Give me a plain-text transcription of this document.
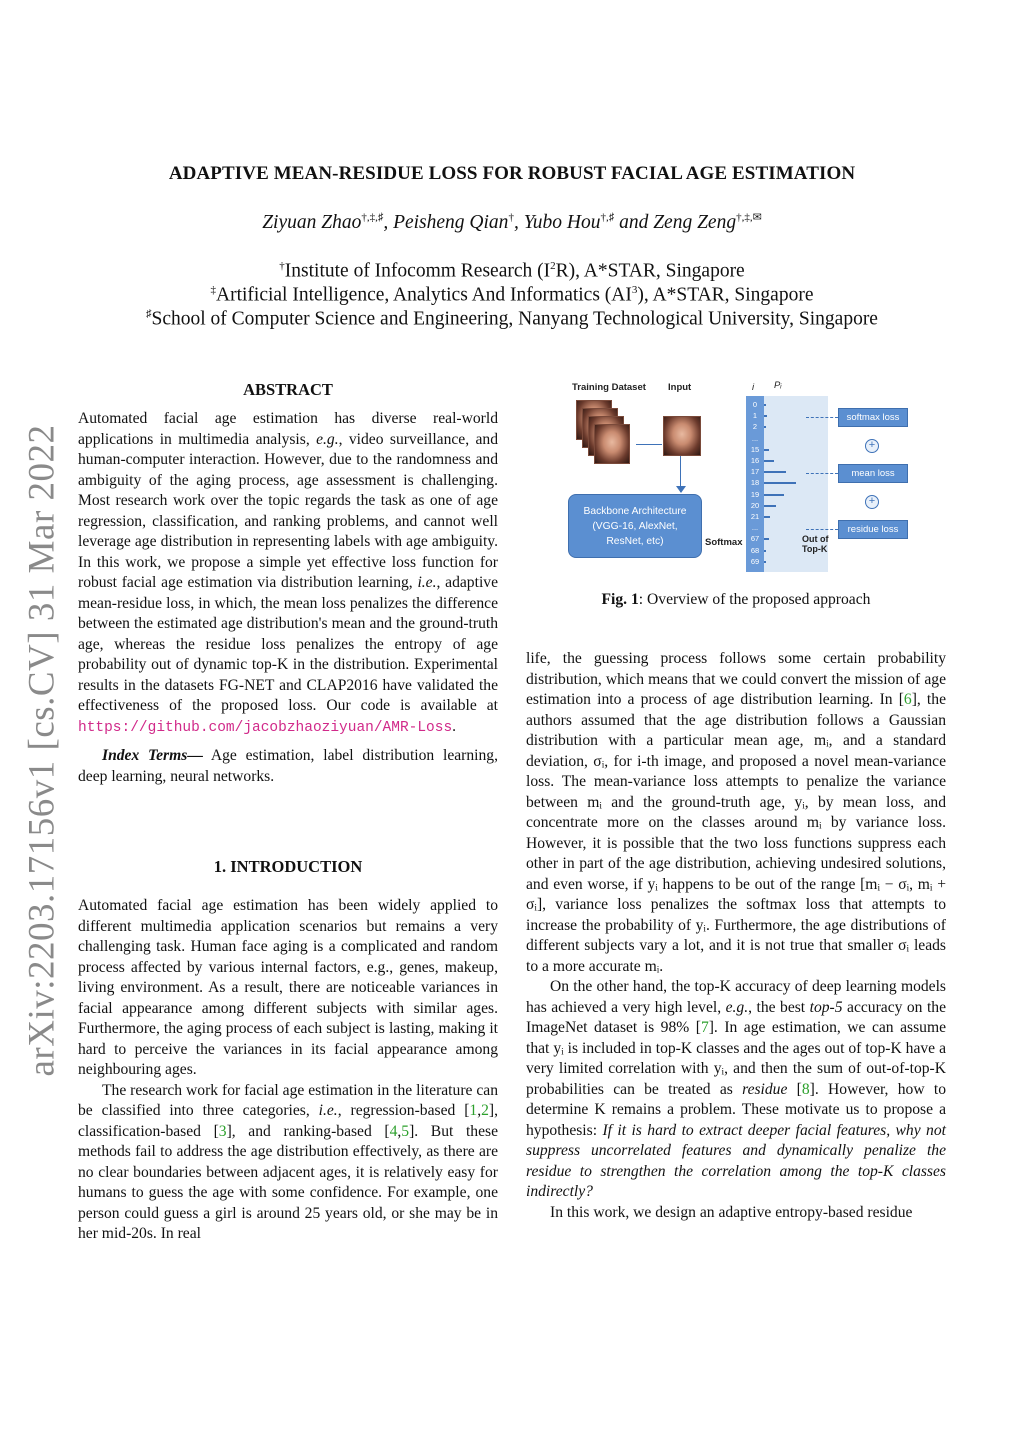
arXiv:2203.17156v1 [cs.CV] 31 Mar 2022
ADAPTIVE MEAN-RESIDUE LOSS FOR ROBUST FACIAL AGE ESTIMATION
Ziyuan Zhao†,‡,♯, Peisheng Qian†, Yubo Hou†,♯ and Zeng Zeng†,‡,✉
†Institute of Infocomm Research $(I^2R)$, A*STAR, Singapore
‡Artificial Intelligence, Analytics And Informatics $(AI^3)$, A*STAR, Singapore
♯School of Computer Science and Engineering, Nanyang Technological University, Singapore
ABSTRACT

Automated facial age estimation has diverse real-world applications in multimedia analysis, e.g., video surveillance, and human-computer interaction. However, due to the randomness and ambiguity of the aging process, age assessment is challenging. Most research work over the topic regards the task as one of age regression, classification, and ranking problems, and cannot well leverage age distribution in representing labels with age ambiguity. In this work, we propose a simple yet effective loss function for robust facial age estimation via distribution learning, i.e., adaptive mean-residue loss, in which, the mean loss penalizes the difference between the estimated age distribution's mean and the ground-truth age, whereas the residue loss penalizes the entropy of age probability out of dynamic top-K in the distribution. Experimental results in the datasets FG-NET and CLAP2016 have validated the effectiveness of the proposed loss. Our code is available at https://github.com/jacobzhaoziyuan/AMR-Loss.

Index Terms— Age estimation, label distribution learning, deep learning, neural networks.

1. INTRODUCTION

Automated facial age estimation has been widely applied to different multimedia application scenarios but remains a very challenging task. Human face aging is a complicated and random process affected by various internal factors, e.g., genes, makeup, living environment. As a result, there are noticeable variances in facial appearance among different subjects with similar ages. Furthermore, the aging process of each subject is lasting, making it hard to perceive the variances in its facial appearance among neighbouring ages.

The research work for facial age estimation in the literature can be classified into three categories, i.e., regression-based [1,2], classification-based [3], and ranking-based [4,5]. But these methods fail to address the age distribution effectively, as there are no clear boundaries between adjacent ages, it is relatively easy for humans to guess the age with some confidence. For example, one person could guess a girl is around 25 years old, or she may be in her mid-20s. In real

Training Dataset Input
Backbone Architecture
(VGG-16, AlexNet,
ResNet, etc)	Softmax
i Pᵢ
0
1
2
...
15
16
17
18
19
20
21
...
67
68
69
Out of
Top-K
softmax loss
+
mean loss
+
residue loss
Fig. 1: Overview of the proposed approach

life, the guessing process follows some certain probability distribution, which means that we could convert the mission of age estimation into a process of age distribution learning. In [6], the authors assumed that the age distribution follows a Gaussian distribution with a particular mean age, mᵢ, and a standard deviation, σᵢ, for i-th image, and proposed a novel mean-variance loss. The mean-variance loss attempts to penalize the variance between mᵢ and the ground-truth age, yᵢ, by mean loss, and concentrate more on the classes around mᵢ by variance loss. However, it is possible that the two loss functions suppress each other in part of the age distribution, achieving undesired solutions, and even worse, if yᵢ happens to be out of the range [mᵢ − σᵢ, mᵢ + σᵢ], variance loss penalizes the softmax loss that attempts to increase the probability of yᵢ. Furthermore, the age distributions of different subjects vary a lot, and it is not true that smaller σᵢ leads to a more accurate mᵢ.

On the other hand, the top-K accuracy of deep learning models has achieved a very high level, e.g., the best top-5 accuracy on the ImageNet dataset is 98% [7]. In age estimation, we can assume that yᵢ is included in top-K classes and the ages out of top-K have a very limited correlation with yᵢ, and then the sum of out-of-top-K probabilities can be treated as residue [8]. However, how to determine K remains a problem. These motivate us to propose a hypothesis: If it is hard to extract deeper facial features, why not suppress uncorrelated features and dynamically penalize the residue to strengthen the correlation among the top-K classes indirectly?

In this work, we design an adaptive entropy-based residue
